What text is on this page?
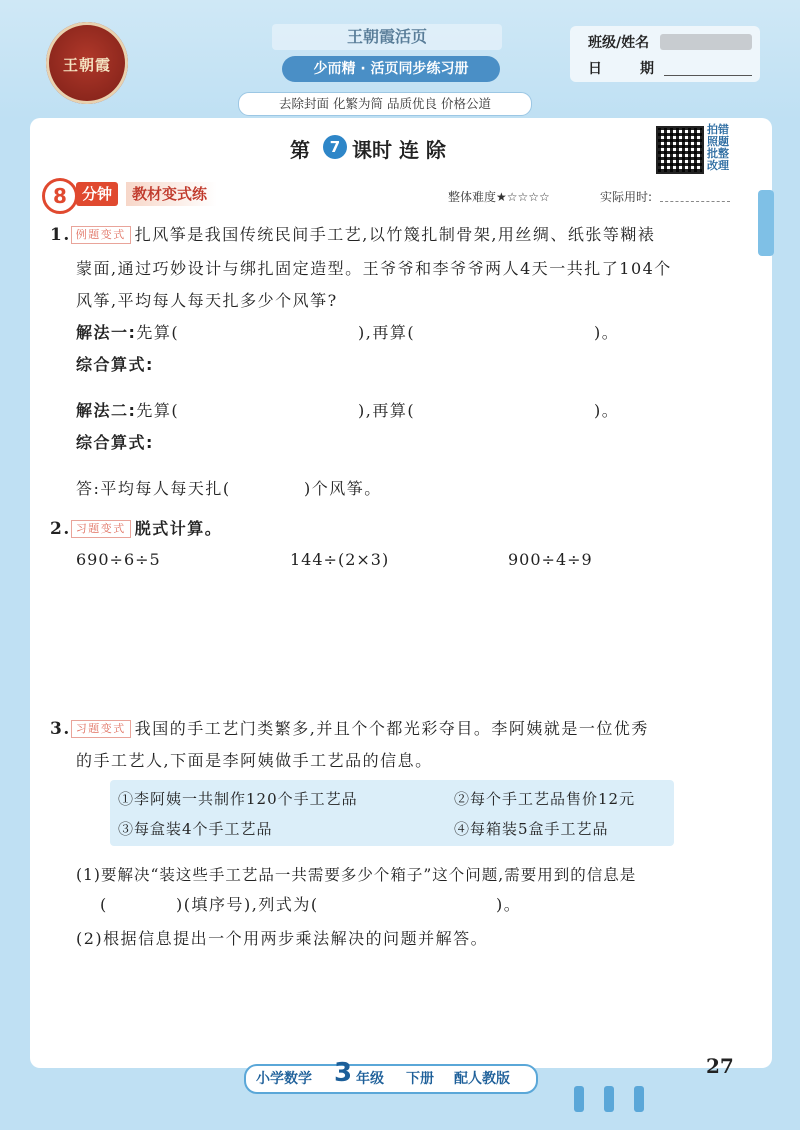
王朝霞
王朝霞活页
少而精 · 活页同步练习册
班级/姓名
日	期
去除封面 化繁为简 品质优良 价格公道
第	7 课时 连 除
拍错照题批整改理
8	分钟	教材变式练	整体难度★☆☆☆☆	实际用时:
1. 例题变式 扎风筝是我国传统民间手工艺,以竹篾扎制骨架,用丝绸、纸张等糊裱
蒙面,通过巧妙设计与绑扎固定造型。王爷爷和李爷爷两人4天一共扎了104个
风筝,平均每人每天扎多少个风筝?
解法一:先算(	),再算(	)。
综合算式:
解法二:先算(	),再算(	)。
综合算式:
答:平均每人每天扎(	)个风筝。
2. 习题变式 脱式计算。
690÷6÷5	144÷(2×3)	900÷4÷9
3. 习题变式 我国的手工艺门类繁多,并且个个都光彩夺目。李阿姨就是一位优秀
的手工艺人,下面是李阿姨做手工艺品的信息。
①李阿姨一共制作120个手工艺品	②每个手工艺品售价12元
③每盒装4个手工艺品	④每箱装5盒手工艺品
(1)要解决“装这些手工艺品一共需要多少个箱子”这个问题,需要用到的信息是
(	)(填序号),列式为(	)。
(2)根据信息提出一个用两步乘法解决的问题并解答。
27
小学数学 3 年级 下册 配人教版
